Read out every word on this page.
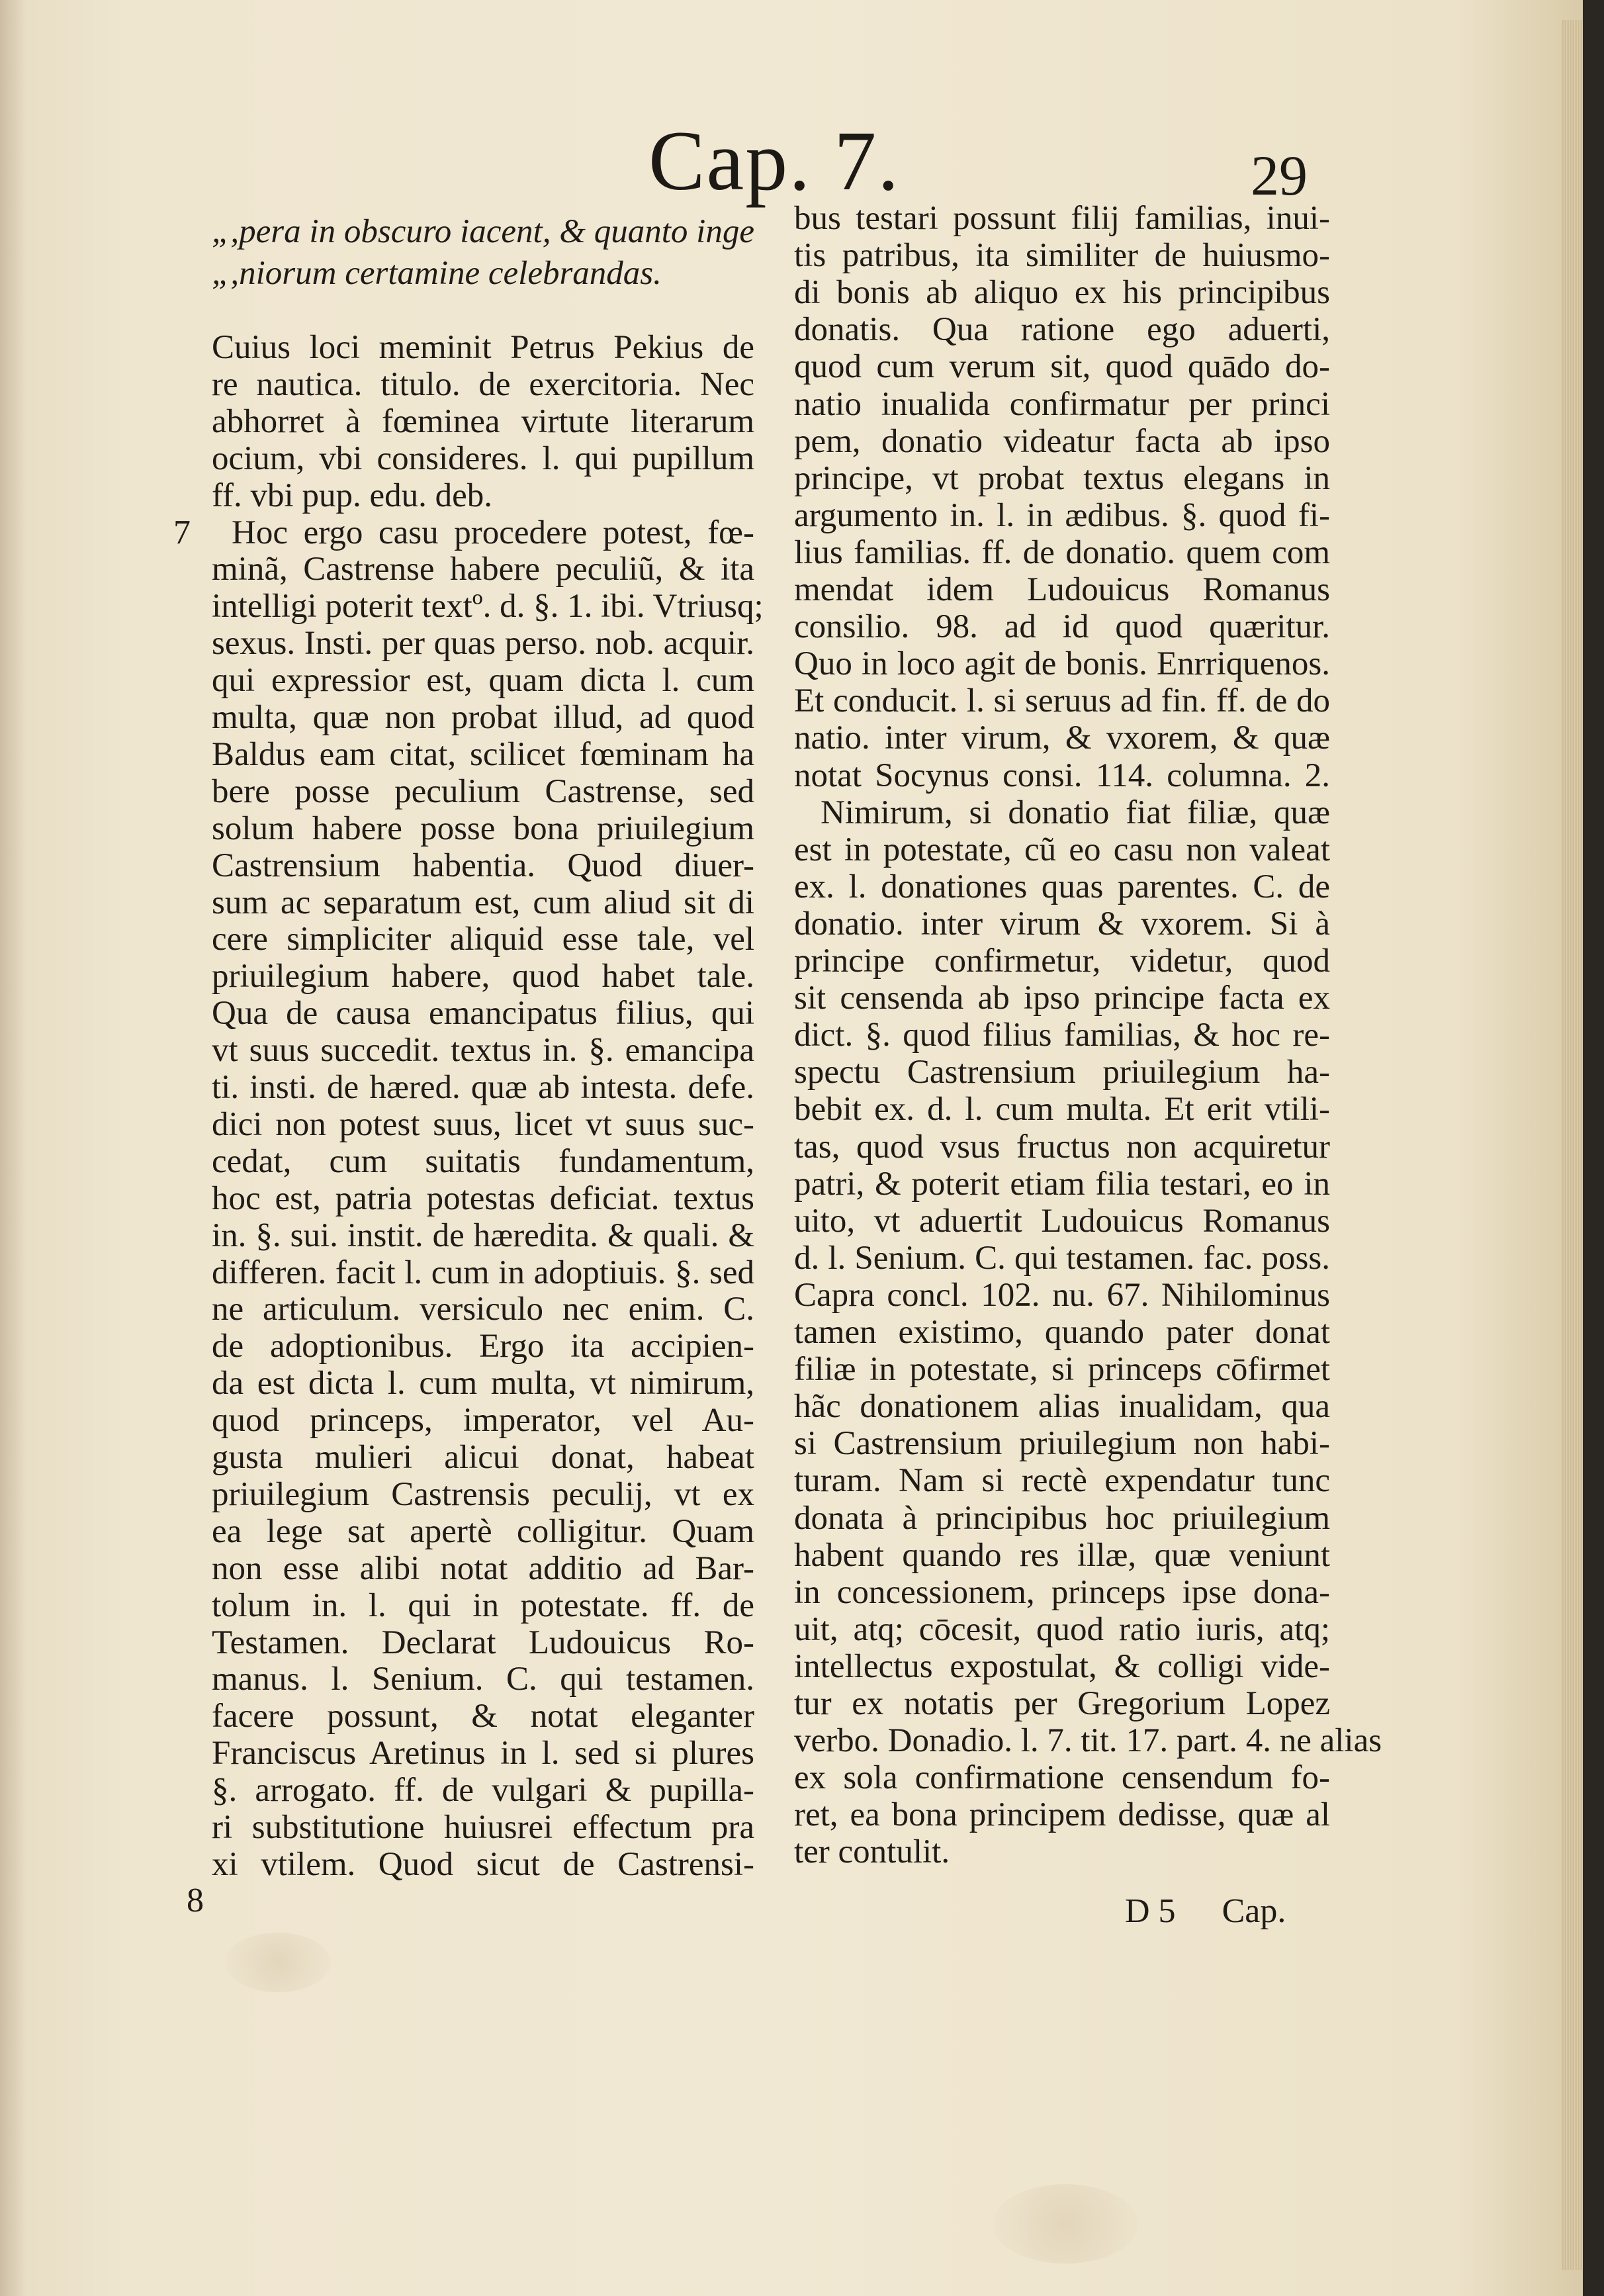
Cap. 7.	29
7
8
„,pera in obscuro iacent, & quanto inge
„,niorum certamine celebrandas.
Cuius loci meminit Petrus Pekius de
re nautica. titulo. de exercitoria. Nec
abhorret à fœminea virtute literarum
ocium, vbi consideres. l. qui pupillum
ff. vbi pup. edu. deb.
Hoc ergo casu procedere potest, fœ-
minã, Castrense habere peculiũ, & ita
intelligi poterit textº. d. §. 1. ibi. Vtriusq;
sexus. Insti. per quas perso. nob. acquir.
qui expressior est, quam dicta l. cum
multa, quæ non probat illud, ad quod
Baldus eam citat, scilicet fœminam ha
bere posse peculium Castrense, sed
solum habere posse bona priuilegium
Castrensium habentia. Quod diuer-
sum ac separatum est, cum aliud sit di
cere simpliciter aliquid esse tale, vel
priuilegium habere, quod habet tale.
Qua de causa emancipatus filius, qui
vt suus succedit. textus in. §. emancipa
ti. insti. de hæred. quæ ab intesta. defe.
dici non potest suus, licet vt suus suc-
cedat, cum suitatis fundamentum,
hoc est, patria potestas deficiat. textus
in. §. sui. instit. de hæredita. & quali. &
differen. facit l. cum in adoptiuis. §. sed
ne articulum. versiculo nec enim. C.
de adoptionibus. Ergo ita accipien-
da est dicta l. cum multa, vt nimirum,
quod princeps, imperator, vel Au-
gusta mulieri alicui donat, habeat
priuilegium Castrensis peculij, vt ex
ea lege sat apertè colligitur. Quam
non esse alibi notat additio ad Bar-
tolum in. l. qui in potestate. ff. de
Testamen. Declarat Ludouicus Ro-
manus. l. Senium. C. qui testamen.
facere possunt, & notat eleganter
Franciscus Aretinus in l. sed si plures
§. arrogato. ff. de vulgari & pupilla-
ri substitutione huiusrei effectum pra
xi vtilem. Quod sicut de Castrensi-
bus testari possunt filij familias, inui-
tis patribus, ita similiter de huiusmo-
di bonis ab aliquo ex his principibus
donatis. Qua ratione ego aduerti,
quod cum verum sit, quod quādo do-
natio inualida confirmatur per princi
pem, donatio videatur facta ab ipso
principe, vt probat textus elegans in
argumento in. l. in ædibus. §. quod fi-
lius familias. ff. de donatio. quem com
mendat idem Ludouicus Romanus
consilio. 98. ad id quod quæritur.
Quo in loco agit de bonis. Enrriquenos.
Et conducit. l. si seruus ad fin. ff. de do
natio. inter virum, & vxorem, & quæ
notat Socynus consi. 114. columna. 2.
Nimirum, si donatio fiat filiæ, quæ
est in potestate, cũ eo casu non valeat
ex. l. donationes quas parentes. C. de
donatio. inter virum & vxorem. Si à
principe confirmetur, videtur, quod
sit censenda ab ipso principe facta ex
dict. §. quod filius familias, & hoc re-
spectu Castrensium priuilegium ha-
bebit ex. d. l. cum multa. Et erit vtili-
tas, quod vsus fructus non acquiretur
patri, & poterit etiam filia testari, eo in
uito, vt aduertit Ludouicus Romanus
d. l. Senium. C. qui testamen. fac. poss.
Capra concl. 102. nu. 67. Nihilominus
tamen existimo, quando pater donat
filiæ in potestate, si princeps cōfirmet
hãc donationem alias inualidam, qua
si Castrensium priuilegium non habi-
turam. Nam si rectè expendatur tunc
donata à principibus hoc priuilegium
habent quando res illæ, quæ veniunt
in concessionem, princeps ipse dona-
uit, atq; cōcesit, quod ratio iuris, atq;
intellectus expostulat, & colligi vide-
tur ex notatis per Gregorium Lopez
verbo. Donadio. l. 7. tit. 17. part. 4. ne alias
ex sola confirmatione censendum fo-
ret, ea bona principem dedisse, quæ al
ter contulit.
D 5 Cap.
